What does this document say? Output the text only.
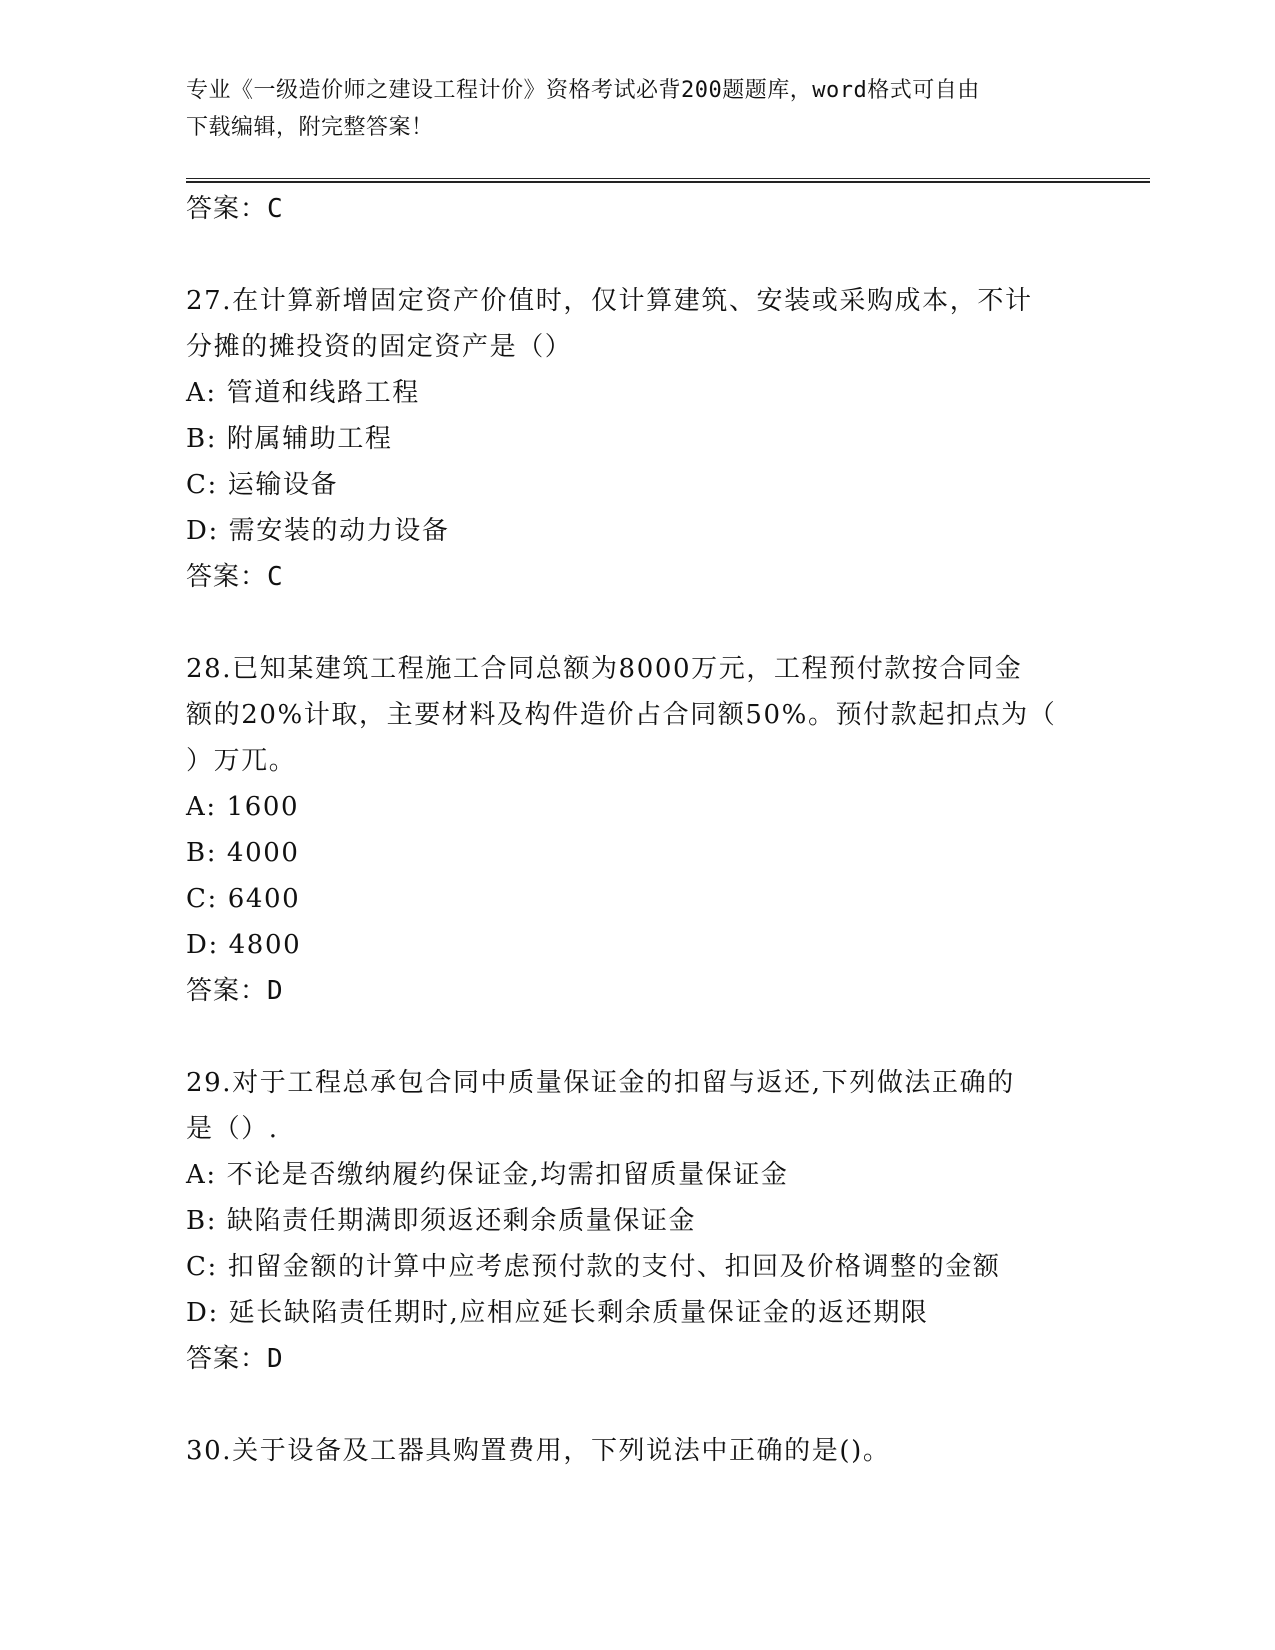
专业《一级造价师之建设工程计价》资格考试必背200题题库，word格式可自由
下载编辑，附完整答案！
答案：C
27.在计算新增固定资产价值时，仅计算建筑、安装或采购成本，不计
分摊的摊投资的固定资产是（）
A: 管道和线路工程
B: 附属辅助工程
C: 运输设备
D: 需安装的动力设备
答案：C
28.已知某建筑工程施工合同总额为8000万元，工程预付款按合同金
额的20%计取，主要材料及构件造价占合同额50%。预付款起扣点为（
）万兀。
A: 1600
B: 4000
C: 6400
D: 4800
答案：D
29.对于工程总承包合同中质量保证金的扣留与返还,下列做法正确的
是（）.
A: 不论是否缴纳履约保证金,均需扣留质量保证金
B: 缺陷责任期满即须返还剩余质量保证金
C: 扣留金额的计算中应考虑预付款的支付、扣回及价格调整的金额
D: 延长缺陷责任期时,应相应延长剩余质量保证金的返还期限
答案：D
30.关于设备及工器具购置费用，下列说法中正确的是()。
